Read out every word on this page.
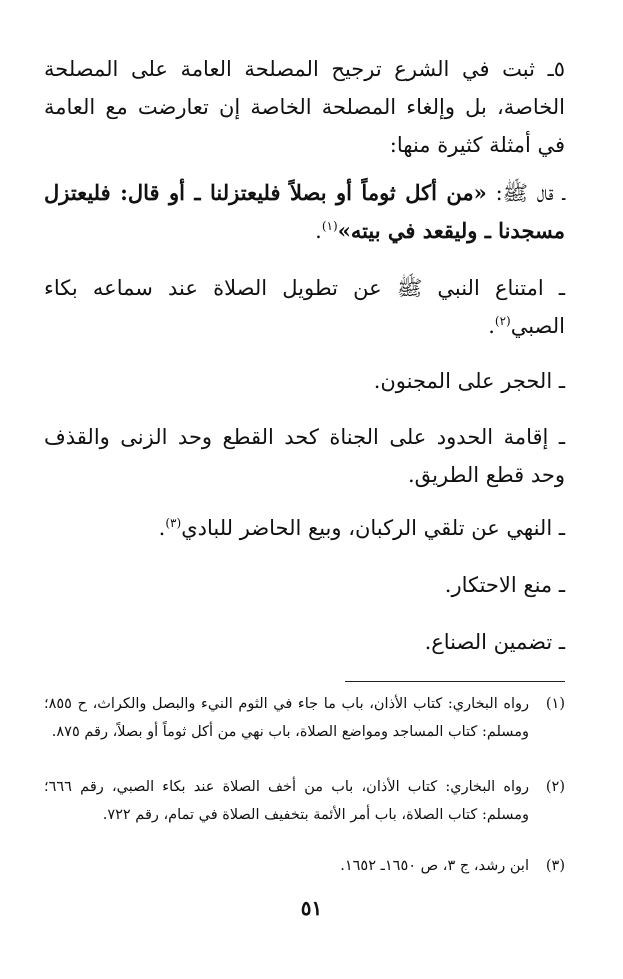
٥ـ ثبت في الشرع ترجيح المصلحة العامة على المصلحة الخاصة، بل وإلغاء المصلحة الخاصة إن تعارضت مع العامة في أمثلة كثيرة منها:

ـ قال ﷺ: «من أكل ثوماً أو بصلاً فليعتزلنا ـ أو قال: فليعتزل مسجدنا ـ وليقعد في بيته»$^{(١)}$.

ـ امتناع النبي ﷺ عن تطويل الصلاة عند سماعه بكاء الصبي$^{(٢)}$.

ـ الحجر على المجنون.

ـ إقامة الحدود على الجناة كحد القطع وحد الزنى والقذف وحد قطع الطريق.

ـ النهي عن تلقي الركبان، وبيع الحاضر للبادي$^{(٣)}$.

ـ منع الاحتكار.

ـ تضمين الصناع.

(١)
رواه البخاري: كتاب الأذان، باب ما جاء في الثوم النيء والبصل والكراث، ح ٨٥٥؛ ومسلم: كتاب المساجد ومواضع الصلاة، باب نهي من أكل ثوماً أو بصلاً، رقم ٨٧٥.
(٢)
رواه البخاري: كتاب الأذان، باب من أخف الصلاة عند بكاء الصبي، رقم ٦٦٦؛ ومسلم: كتاب الصلاة، باب أمر الأئمة بتخفيف الصلاة في تمام، رقم ٧٢٢.
(٣)
ابن رشد، ج ٣، ص ١٦٥٠ـ ١٦٥٢.
٥١
